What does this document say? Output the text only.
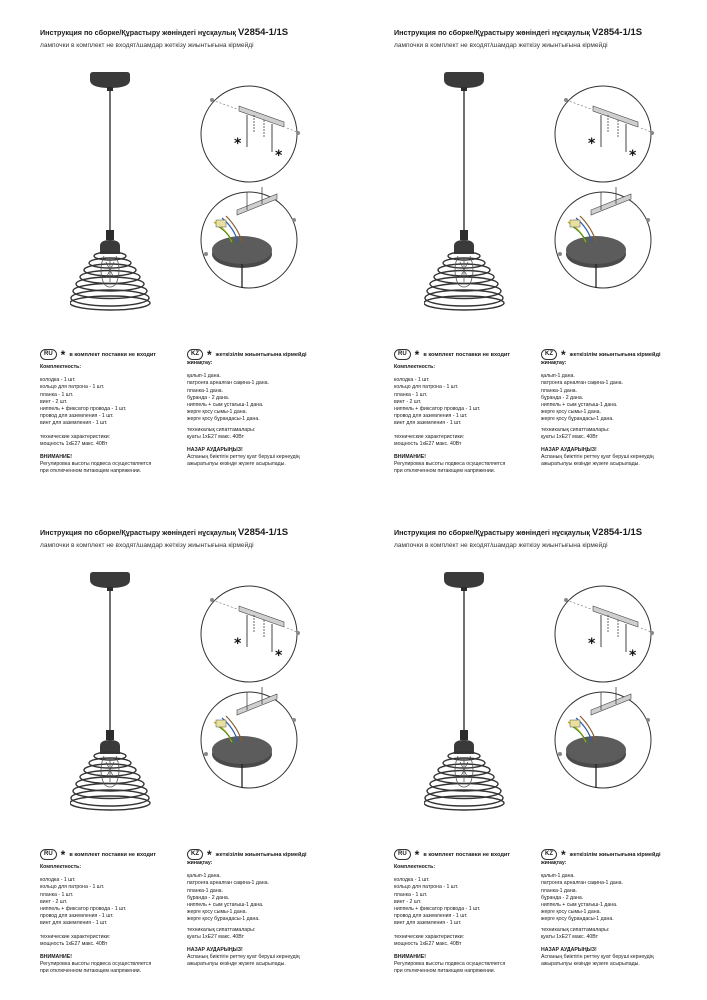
Инструкция по сборке/Құрастыру жөніндегі нұсқаулық V2854-1/1S
лампочки в комплект не входят/шамдар жеткізу жиынтығына кірмейді
*
*
RU * в комплект поставки не входит	KZ * жеткізілім жиынтығына кірмейді
Комплектность:
колодка - 1 шт.
кольцо для патрона - 1 шт.
планка - 1 шт.
винт - 2 шт.
ниппель + фиксатор провода - 1 шт.
провод для заземления - 1 шт.
винт для заземления - 1 шт.
технические характеристики:
мощность 1хЕ27 макс. 40Вт
ВНИМАНИЕ!
Регулировка высоты подвеса осуществляется
при отключенном питающем напряжении.
жинақтау:
қалып-1 дана.
патронға арналған сақина-1 дана.
планка-1 дана.
бұранда - 2 дана.
ниппель + сым ұстағыш-1 дана.
жерге қосу сымы-1 дана.
жерге қосу бұрандасы-1 дана.
техникалық сипаттамалары:
қуаты 1хЕ27 макс. 40Вт
НАЗАР АУДАРЫҢЫЗ!
Аспаның биіктігін реттеу қуат беруші кернеудің
ажыратылуы кезінде жүзеге асырылады.
Инструкция по сборке/Құрастыру жөніндегі нұсқаулық V2854-1/1S
лампочки в комплект не входят/шамдар жеткізу жиынтығына кірмейді
*
*
RU * в комплект поставки не входит	KZ * жеткізілім жиынтығына кірмейді
Комплектность:
колодка - 1 шт.
кольцо для патрона - 1 шт.
планка - 1 шт.
винт - 2 шт.
ниппель + фиксатор провода - 1 шт.
провод для заземления - 1 шт.
винт для заземления - 1 шт.
технические характеристики:
мощность 1хЕ27 макс. 40Вт
ВНИМАНИЕ!
Регулировка высоты подвеса осуществляется
при отключенном питающем напряжении.
жинақтау:
қалып-1 дана.
патронға арналған сақина-1 дана.
планка-1 дана.
бұранда - 2 дана.
ниппель + сым ұстағыш-1 дана.
жерге қосу сымы-1 дана.
жерге қосу бұрандасы-1 дана.
техникалық сипаттамалары:
қуаты 1хЕ27 макс. 40Вт
НАЗАР АУДАРЫҢЫЗ!
Аспаның биіктігін реттеу қуат беруші кернеудің
ажыратылуы кезінде жүзеге асырылады.
Инструкция по сборке/Құрастыру жөніндегі нұсқаулық V2854-1/1S
лампочки в комплект не входят/шамдар жеткізу жиынтығына кірмейді
*
*
RU * в комплект поставки не входит	KZ * жеткізілім жиынтығына кірмейді
Комплектность:
колодка - 1 шт.
кольцо для патрона - 1 шт.
планка - 1 шт.
винт - 2 шт.
ниппель + фиксатор провода - 1 шт.
провод для заземления - 1 шт.
винт для заземления - 1 шт.
технические характеристики:
мощность 1хЕ27 макс. 40Вт
ВНИМАНИЕ!
Регулировка высоты подвеса осуществляется
при отключенном питающем напряжении.
жинақтау:
қалып-1 дана.
патронға арналған сақина-1 дана.
планка-1 дана.
бұранда - 2 дана.
ниппель + сым ұстағыш-1 дана.
жерге қосу сымы-1 дана.
жерге қосу бұрандасы-1 дана.
техникалық сипаттамалары:
қуаты 1хЕ27 макс. 40Вт
НАЗАР АУДАРЫҢЫЗ!
Аспаның биіктігін реттеу қуат беруші кернеудің
ажыратылуы кезінде жүзеге асырылады.
Инструкция по сборке/Құрастыру жөніндегі нұсқаулық V2854-1/1S
лампочки в комплект не входят/шамдар жеткізу жиынтығына кірмейді
*
*
RU * в комплект поставки не входит	KZ * жеткізілім жиынтығына кірмейді
Комплектность:
колодка - 1 шт.
кольцо для патрона - 1 шт.
планка - 1 шт.
винт - 2 шт.
ниппель + фиксатор провода - 1 шт.
провод для заземления - 1 шт.
винт для заземления - 1 шт.
технические характеристики:
мощность 1хЕ27 макс. 40Вт
ВНИМАНИЕ!
Регулировка высоты подвеса осуществляется
при отключенном питающем напряжении.
жинақтау:
қалып-1 дана.
патронға арналған сақина-1 дана.
планка-1 дана.
бұранда - 2 дана.
ниппель + сым ұстағыш-1 дана.
жерге қосу сымы-1 дана.
жерге қосу бұрандасы-1 дана.
техникалық сипаттамалары:
қуаты 1хЕ27 макс. 40Вт
НАЗАР АУДАРЫҢЫЗ!
Аспаның биіктігін реттеу қуат беруші кернеудің
ажыратылуы кезінде жүзеге асырылады.
